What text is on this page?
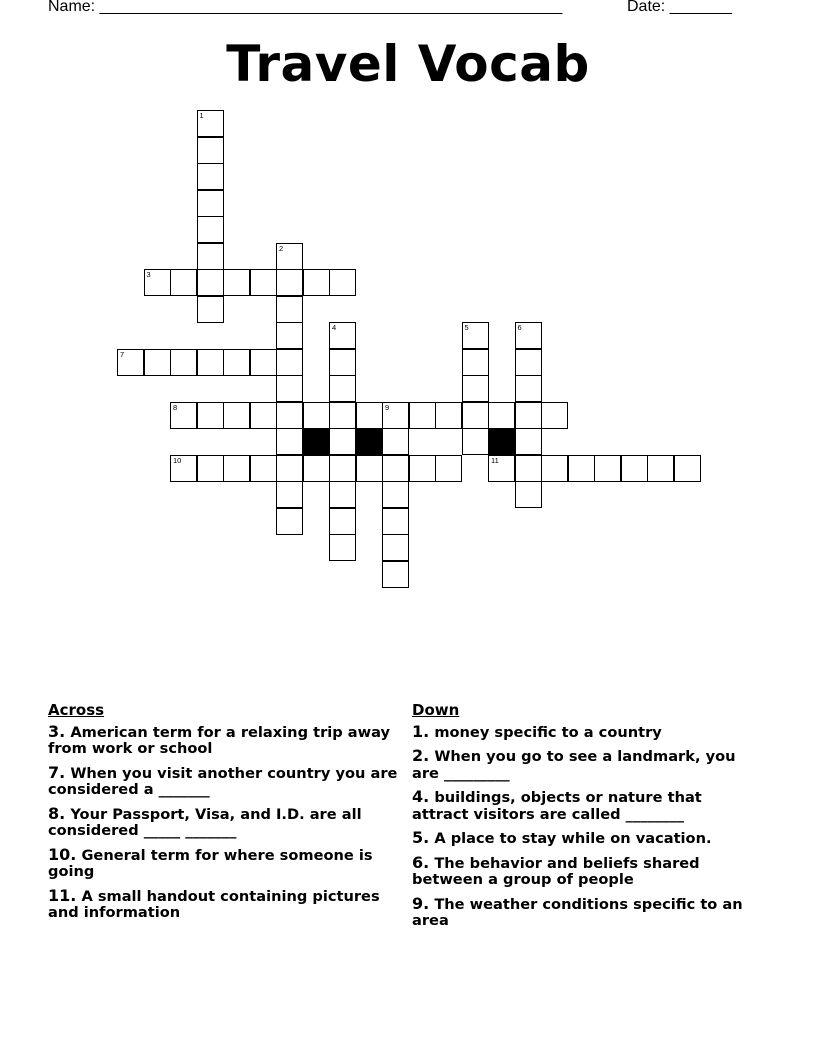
Name: ____________________________________________________	Date: _______
Travel Vocab
1
2
3
4	5	6
7
8	9
10	11
Across
3. American term for a relaxing trip away from work or school
7. When you visit another country you are considered a _______
8. Your Passport, Visa, and I.D. are all considered _____ _______
10. General term for where someone is going
11. A small handout containing pictures and information
Down
1. money specific to a country
2. When you go to see a landmark, you are _________
4. buildings, objects or nature that attract visitors are called ________
5. A place to stay while on vacation.
6. The behavior and beliefs shared between a group of people
9. The weather conditions specific to an area
